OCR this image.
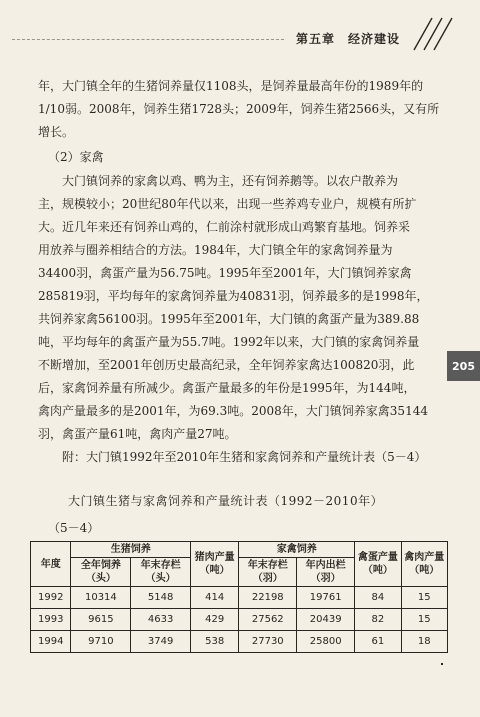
第五章　经济建设
年，大门镇全年的生猪饲养量仅1108头，是饲养量最高年份的1989年的
1/10弱。2008年，饲养生猪1728头；2009年，饲养生猪2566头，又有所
增长。
（2）家禽
大门镇饲养的家禽以鸡、鸭为主，还有饲养鹅等。以农户散养为
主，规模较小；20世纪80年代以来，出现一些养鸡专业户，规模有所扩
大。近几年来还有饲养山鸡的，仁前涂村就形成山鸡繁育基地。饲养采
用放养与圈养相结合的方法。1984年，大门镇全年的家禽饲养量为
34400羽，禽蛋产量为56.75吨。1995年至2001年，大门镇饲养家禽
285819羽，平均每年的家禽饲养量为40831羽，饲养最多的是1998年，
共饲养家禽56100羽。1995年至2001年，大门镇的禽蛋产量为389.88
吨，平均每年的禽蛋产量为55.7吨。1992年以来，大门镇的家禽饲养量
不断增加，至2001年创历史最高纪录，全年饲养家禽达100820羽，此
后，家禽饲养量有所减少。禽蛋产量最多的年份是1995年，为144吨，
禽肉产量最多的是2001年，为69.3吨。2008年，大门镇饲养家禽35144
羽，禽蛋产量61吨，禽肉产量27吨。
附：大门镇1992年至2010年生猪和家禽饲养和产量统计表（5－4）
205
大门镇生猪与家禽饲养和产量统计表（1992－2010年）
（5－4）
年度	生猪饲养		猪肉产量（吨）	家禽饲养		禽蛋产量（吨）	禽肉产量（吨）
	全年饲养（头）	年末存栏（头）		年末存栏（羽）	年内出栏（羽）		
1992	10314	5148	414	22198	19761	84	15
1993	9615	4633	429	27562	20439	82	15
1994	9710	3749	538	27730	25800	61	18
